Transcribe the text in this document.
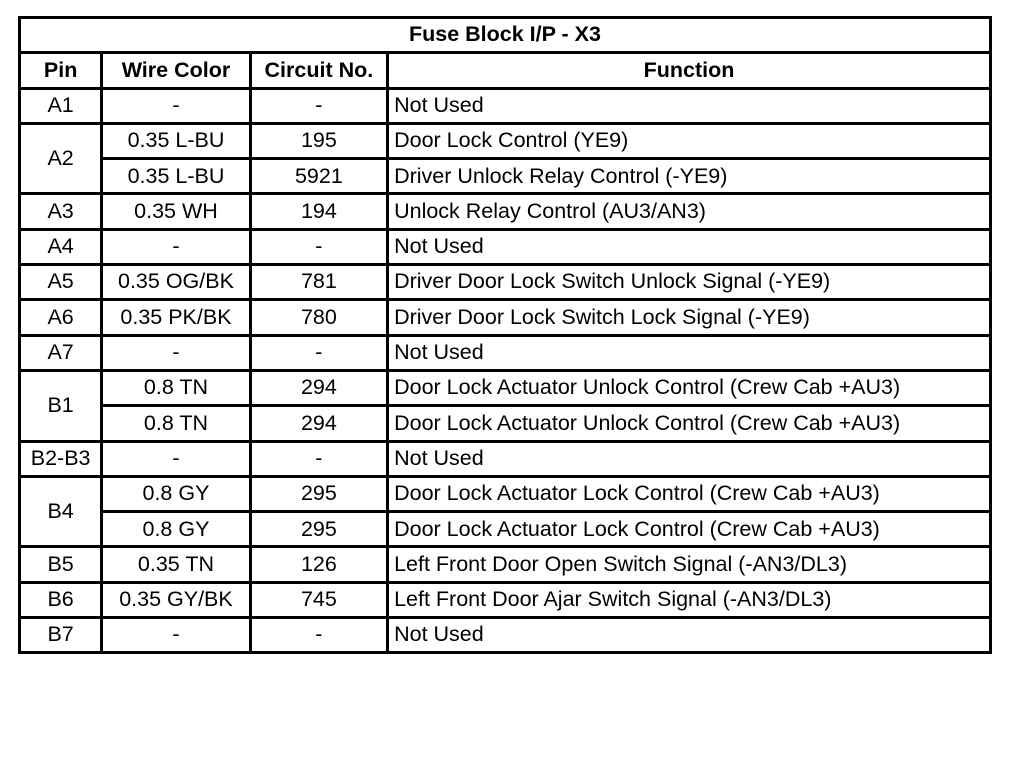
Fuse Block I/P - X3			
Pin	Wire Color	Circuit No.	Function
A1	-	-	Not Used
A2	0.35 L-BU	195	Door Lock Control (YE9)
	0.35 L-BU	5921	Driver Unlock Relay Control (-YE9)
A3	0.35 WH	194	Unlock Relay Control (AU3/AN3)
A4	-	-	Not Used
A5	0.35 OG/BK	781	Driver Door Lock Switch Unlock Signal (-YE9)
A6	0.35 PK/BK	780	Driver Door Lock Switch Lock Signal (-YE9)
A7	-	-	Not Used
B1	0.8 TN	294	Door Lock Actuator Unlock Control (Crew Cab +AU3)
	0.8 TN	294	Door Lock Actuator Unlock Control (Crew Cab +AU3)
B2-B3	-	-	Not Used
B4	0.8 GY	295	Door Lock Actuator Lock Control (Crew Cab +AU3)
	0.8 GY	295	Door Lock Actuator Lock Control (Crew Cab +AU3)
B5	0.35 TN	126	Left Front Door Open Switch Signal (-AN3/DL3)
B6	0.35 GY/BK	745	Left Front Door Ajar Switch Signal (-AN3/DL3)
B7	-	-	Not Used
